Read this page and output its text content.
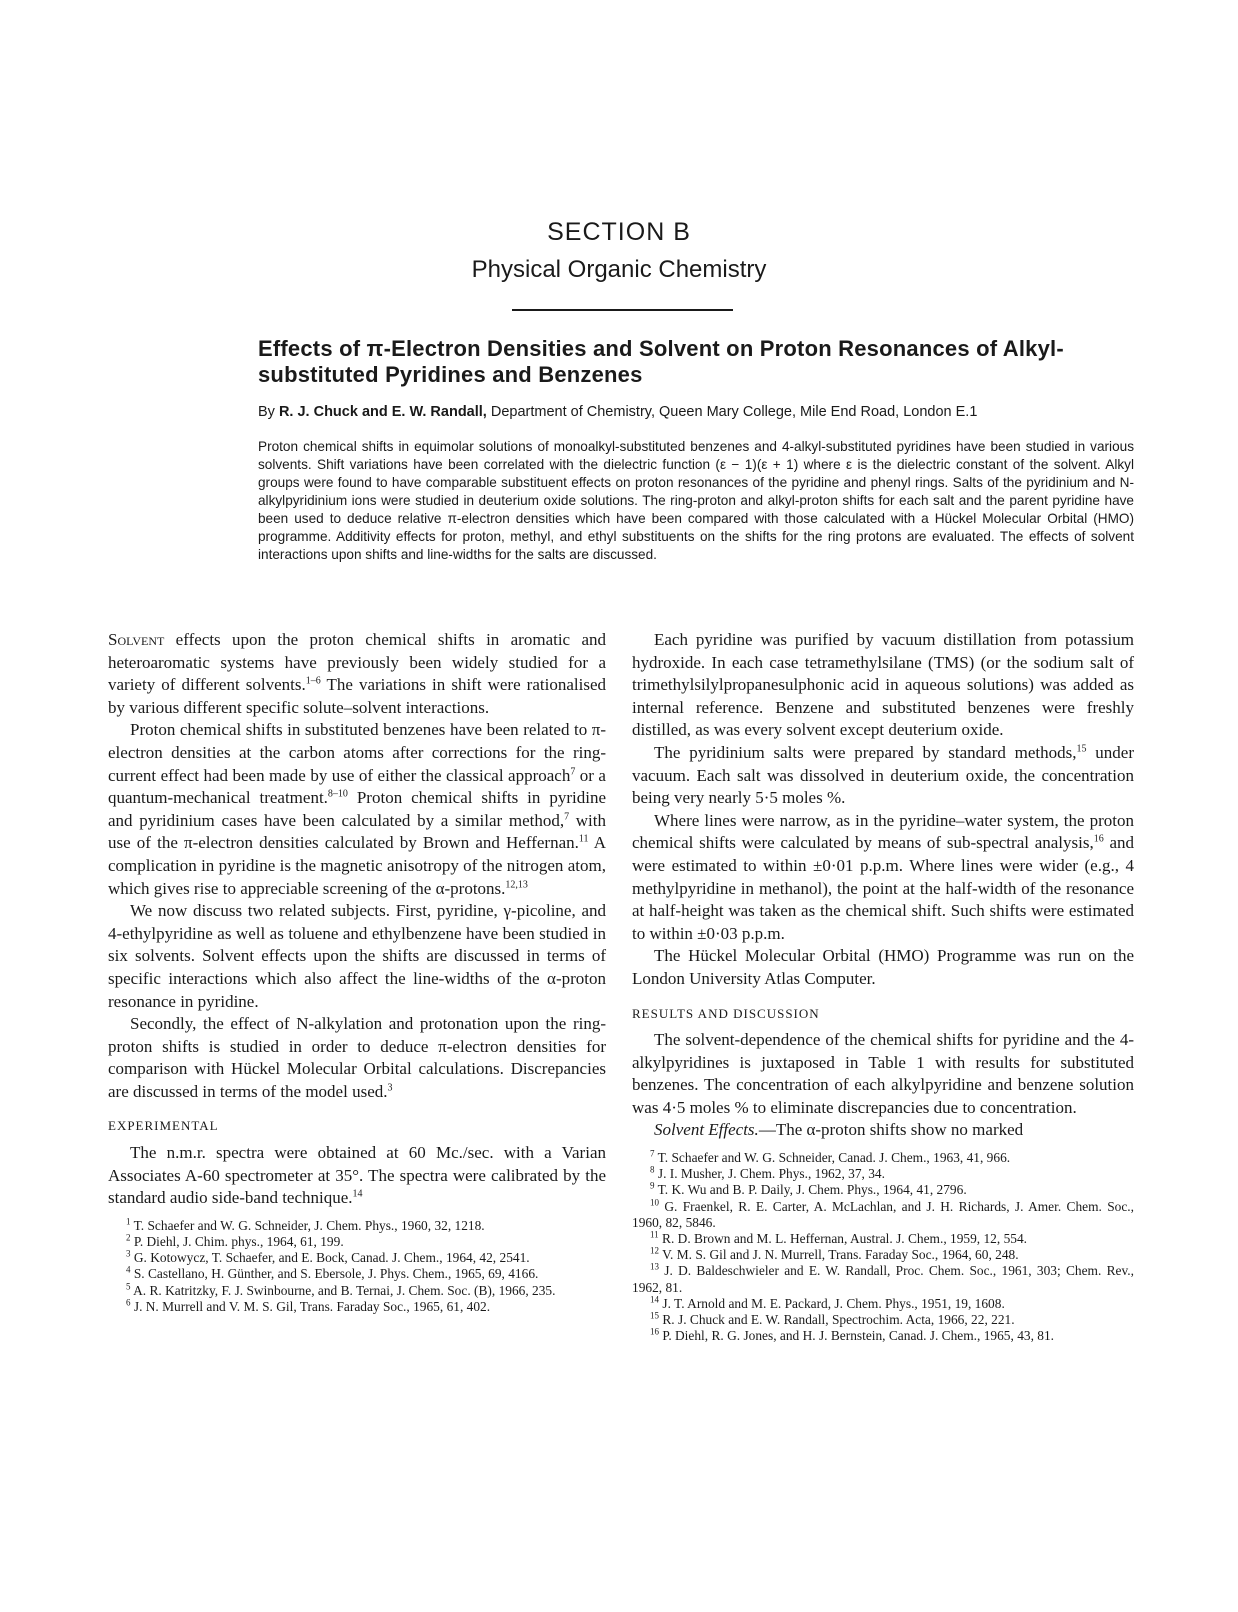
SECTION B
Physical Organic Chemistry
Effects of π-Electron Densities and Solvent on Proton Resonances of Alkyl-substituted Pyridines and Benzenes
By R. J. Chuck and E. W. Randall, Department of Chemistry, Queen Mary College, Mile End Road, London E.1
Proton chemical shifts in equimolar solutions of monoalkyl-substituted benzenes and 4-alkyl-substituted pyridines have been studied in various solvents. Shift variations have been correlated with the dielectric function (ε − 1)(ε + 1) where ε is the dielectric constant of the solvent. Alkyl groups were found to have comparable substituent effects on proton resonances of the pyridine and phenyl rings. Salts of the pyridinium and N-alkylpyridinium ions were studied in deuterium oxide solutions. The ring-proton and alkyl-proton shifts for each salt and the parent pyridine have been used to deduce relative π-electron densities which have been compared with those calculated with a Hückel Molecular Orbital (HMO) programme. Additivity effects for proton, methyl, and ethyl substituents on the shifts for the ring protons are evaluated. The effects of solvent interactions upon shifts and line-widths for the salts are discussed.

Solvent effects upon the proton chemical shifts in aromatic and heteroaromatic systems have previously been widely studied for a variety of different solvents.$^{1-6}$ The variations in shift were rationalised by various different specific solute–solvent interactions.

Proton chemical shifts in substituted benzenes have been related to π-electron densities at the carbon atoms after corrections for the ring-current effect had been made by use of either the classical approach$^7$ or a quantum-mechanical treatment.$^{8-10}$ Proton chemical shifts in pyridine and pyridinium cases have been calculated by a similar method,$^7$ with use of the π-electron densities calculated by Brown and Heffernan.$^{11}$ A complication in pyridine is the magnetic anisotropy of the nitrogen atom, which gives rise to appreciable screening of the α-protons.$^{12,13}$

We now discuss two related subjects. First, pyridine, γ-picoline, and 4-ethylpyridine as well as toluene and ethylbenzene have been studied in six solvents. Solvent effects upon the shifts are discussed in terms of specific interactions which also affect the line-widths of the α-proton resonance in pyridine.

Secondly, the effect of N-alkylation and protonation upon the ring-proton shifts is studied in order to deduce π-electron densities for comparison with Hückel Molecular Orbital calculations. Discrepancies are discussed in terms of the model used.$^3$

EXPERIMENTAL

The n.m.r. spectra were obtained at 60 Mc./sec. with a Varian Associates A-60 spectrometer at 35°. The spectra were calibrated by the standard audio side-band technique.$^{14}$

$^1$ T. Schaefer and W. G. Schneider, J. Chem. Phys., 1960, 32, 1218.
$^2$ P. Diehl, J. Chim. phys., 1964, 61, 199.
$^3$ G. Kotowycz, T. Schaefer, and E. Bock, Canad. J. Chem., 1964, 42, 2541.
$^4$ S. Castellano, H. Günther, and S. Ebersole, J. Phys. Chem., 1965, 69, 4166.
$^5$ A. R. Katritzky, F. J. Swinbourne, and B. Ternai, J. Chem. Soc. (B), 1966, 235.
$^6$ J. N. Murrell and V. M. S. Gil, Trans. Faraday Soc., 1965, 61, 402.

Each pyridine was purified by vacuum distillation from potassium hydroxide. In each case tetramethylsilane (TMS) (or the sodium salt of trimethylsilylpropanesulphonic acid in aqueous solutions) was added as internal reference. Benzene and substituted benzenes were freshly distilled, as was every solvent except deuterium oxide.

The pyridinium salts were prepared by standard methods,$^{15}$ under vacuum. Each salt was dissolved in deuterium oxide, the concentration being very nearly 5·5 moles %.

Where lines were narrow, as in the pyridine–water system, the proton chemical shifts were calculated by means of sub-spectral analysis,$^{16}$ and were estimated to within ±0·01 p.p.m. Where lines were wider (e.g., 4 methylpyridine in methanol), the point at the half-width of the resonance at half-height was taken as the chemical shift. Such shifts were estimated to within ±0·03 p.p.m.

The Hückel Molecular Orbital (HMO) Programme was run on the London University Atlas Computer.

RESULTS AND DISCUSSION

The solvent-dependence of the chemical shifts for pyridine and the 4-alkylpyridines is juxtaposed in Table 1 with results for substituted benzenes. The concentration of each alkylpyridine and benzene solution was 4·5 moles % to eliminate discrepancies due to concentration.

Solvent Effects.—The α-proton shifts show no marked

$^7$ T. Schaefer and W. G. Schneider, Canad. J. Chem., 1963, 41, 966.
$^8$ J. I. Musher, J. Chem. Phys., 1962, 37, 34.
$^9$ T. K. Wu and B. P. Daily, J. Chem. Phys., 1964, 41, 2796.
$^{10}$ G. Fraenkel, R. E. Carter, A. McLachlan, and J. H. Richards, J. Amer. Chem. Soc., 1960, 82, 5846.
$^{11}$ R. D. Brown and M. L. Heffernan, Austral. J. Chem., 1959, 12, 554.
$^{12}$ V. M. S. Gil and J. N. Murrell, Trans. Faraday Soc., 1964, 60, 248.
$^{13}$ J. D. Baldeschwieler and E. W. Randall, Proc. Chem. Soc., 1961, 303; Chem. Rev., 1962, 81.
$^{14}$ J. T. Arnold and M. E. Packard, J. Chem. Phys., 1951, 19, 1608.
$^{15}$ R. J. Chuck and E. W. Randall, Spectrochim. Acta, 1966, 22, 221.
$^{16}$ P. Diehl, R. G. Jones, and H. J. Bernstein, Canad. J. Chem., 1965, 43, 81.
